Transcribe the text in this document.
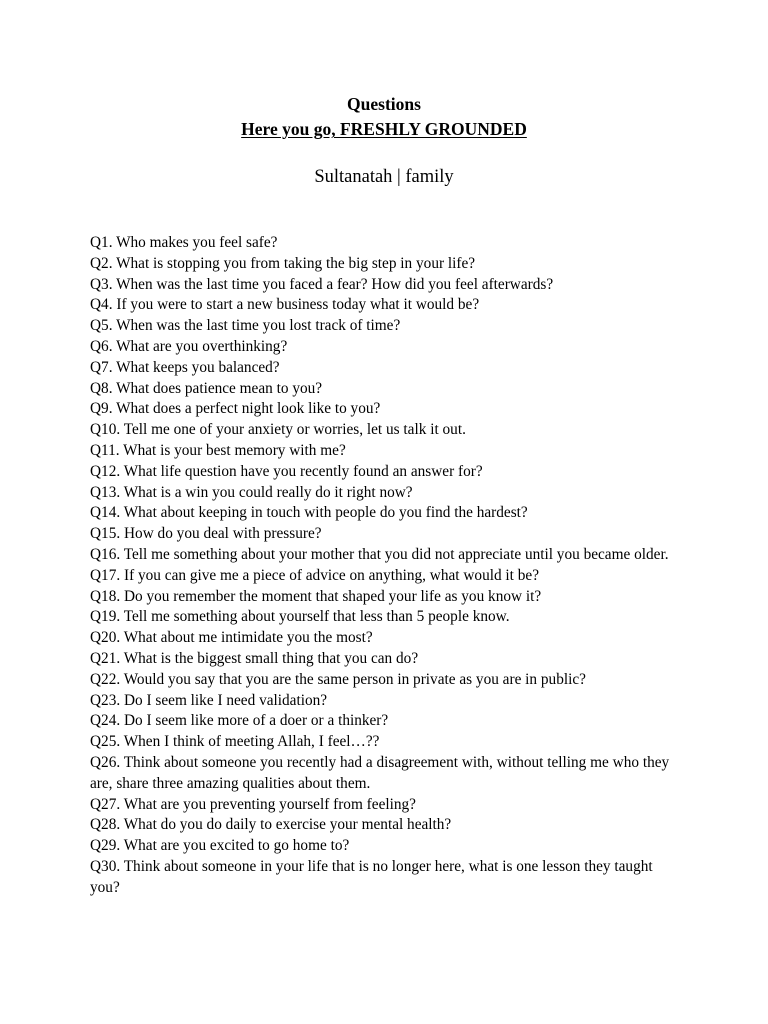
Questions
Here you go, FRESHLY GROUNDED
Sultanatah | family
Q1. Who makes you feel safe?
Q2. What is stopping you from taking the big step in your life?
Q3. When was the last time you faced a fear? How did you feel afterwards?
Q4. If you were to start a new business today what it would be?
Q5. When was the last time you lost track of time?
Q6. What are you overthinking?
Q7. What keeps you balanced?
Q8. What does patience mean to you?
Q9. What does a perfect night look like to you?
Q10. Tell me one of your anxiety or worries, let us talk it out.
Q11. What is your best memory with me?
Q12. What life question have you recently found an answer for?
Q13. What is a win you could really do it right now?
Q14. What about keeping in touch with people do you find the hardest?
Q15. How do you deal with pressure?
Q16. Tell me something about your mother that you did not appreciate until you became older.
Q17. If you can give me a piece of advice on anything, what would it be?
Q18. Do you remember the moment that shaped your life as you know it?
Q19. Tell me something about yourself that less than 5 people know.
Q20. What about me intimidate you the most?
Q21. What is the biggest small thing that you can do?
Q22. Would you say that you are the same person in private as you are in public?
Q23. Do I seem like I need validation?
Q24. Do I seem like more of a doer or a thinker?
Q25. When I think of meeting Allah, I feel…??
Q26. Think about someone you recently had a disagreement with, without telling me who they are, share three amazing qualities about them.
Q27. What are you preventing yourself from feeling?
Q28. What do you do daily to exercise your mental health?
Q29. What are you excited to go home to?
Q30. Think about someone in your life that is no longer here, what is one lesson they taught you?
